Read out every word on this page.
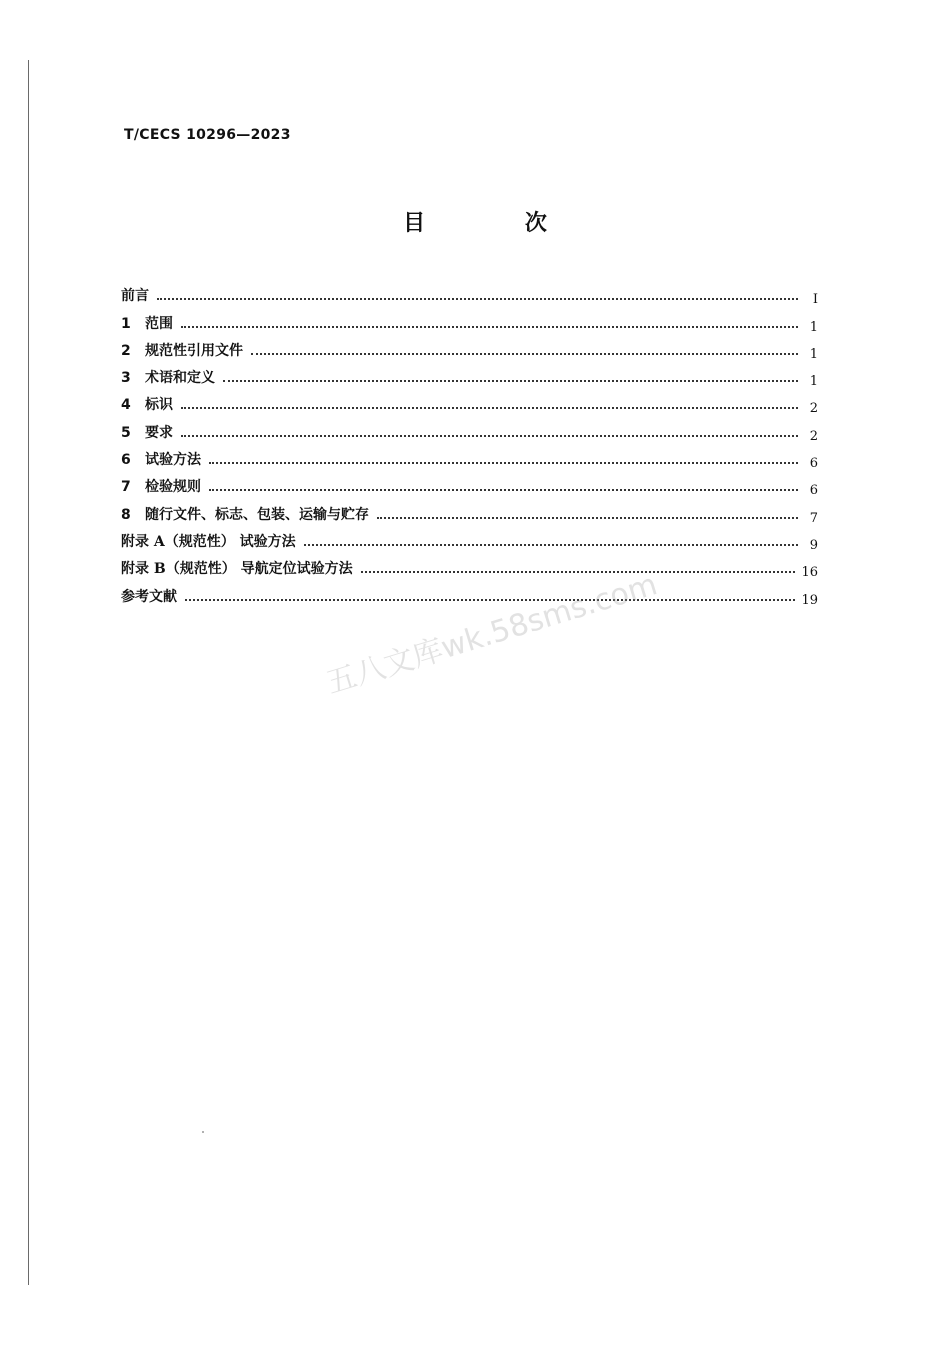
T/CECS 10296—2023
目 次
前言	Ⅰ
1	范围	1
2	规范性引用文件	1
3	术语和定义	1
4	标识	2
5	要求	2
6	试验方法	6
7	检验规则	6
8	随行文件、标志、包装、运输与贮存	7
附录 A（规范性） 试验方法	9
附录 B（规范性） 导航定位试验方法	16
参考文献	19
五八文库wk.58sms.com
